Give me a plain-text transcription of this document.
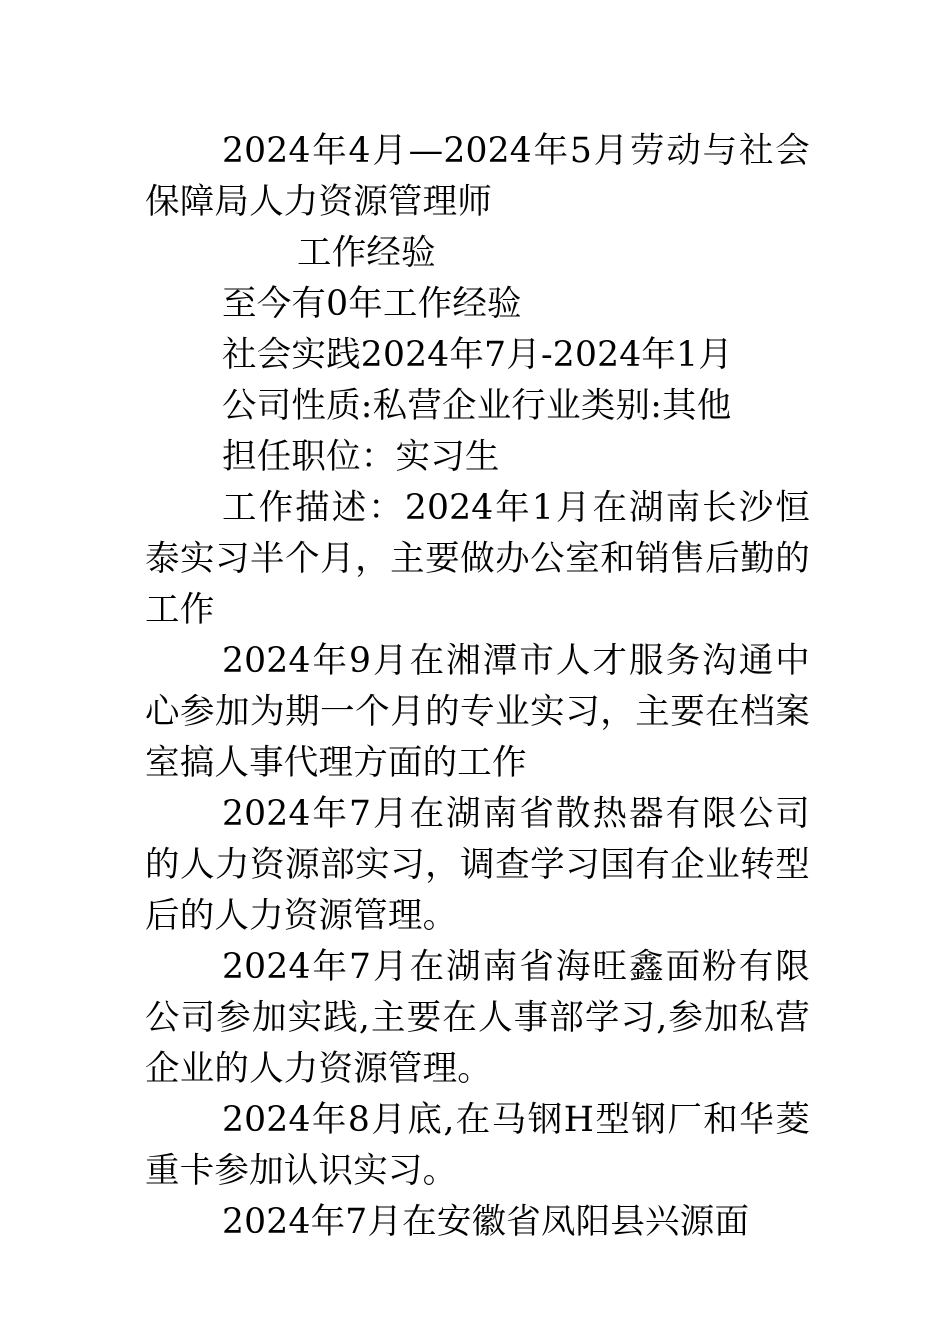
2024年4月—2024年5月劳动与社会保障局人力资源管理师

工作经验

至今有0年工作经验

社会实践2024年7月-2024年1月

公司性质:私营企业行业类别:其他

担任职位：实习生

工作描述：2024年1月在湖南长沙恒泰实习半个月，主要做办公室和销售后勤的工作

2024年9月在湘潭市人才服务沟通中心参加为期一个月的专业实习，主要在档案室搞人事代理方面的工作

2024年7月在湖南省散热器有限公司的人力资源部实习，调查学习国有企业转型后的人力资源管理。

2024年7月在湖南省海旺鑫面粉有限公司参加实践,主要在人事部学习,参加私营企业的人力资源管理。

2024年8月底,在马钢H型钢厂和华菱重卡参加认识实习。

2024年7月在安徽省凤阳县兴源面
